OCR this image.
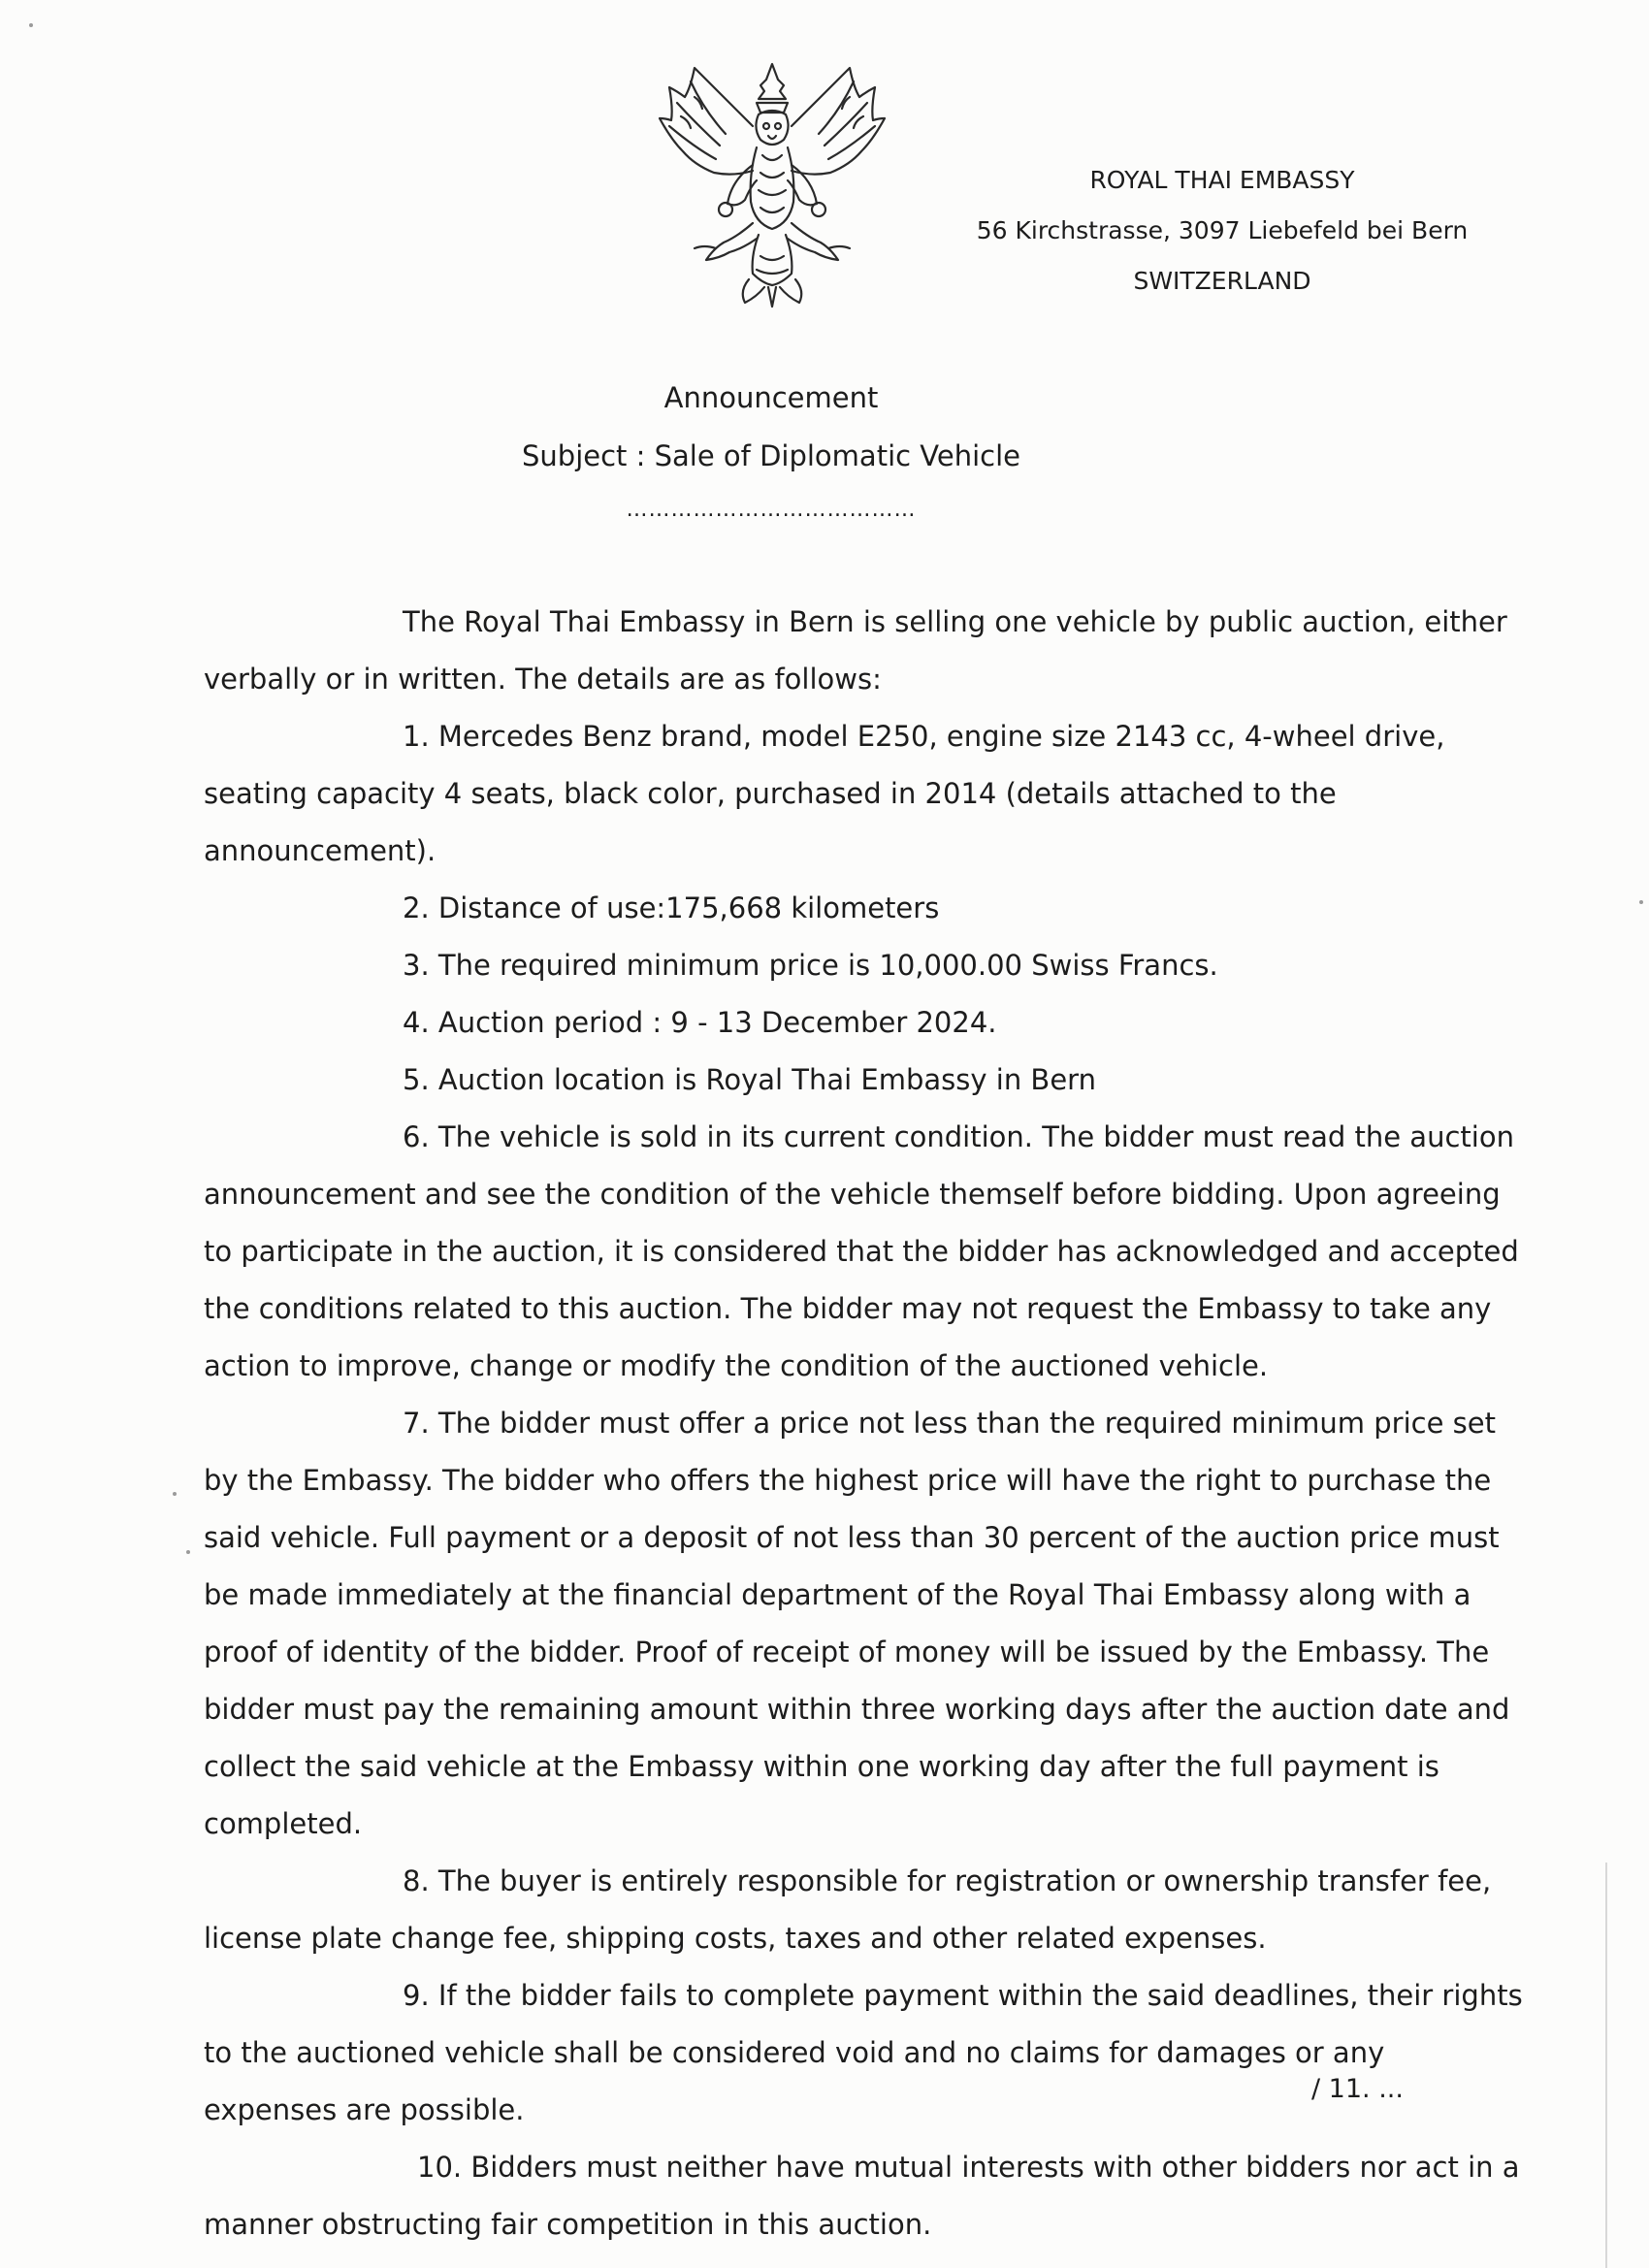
ROYAL THAI EMBASSY
56 Kirchstrasse, 3097 Liebefeld bei Bern
SWITZERLAND
Announcement
Subject : Sale of Diplomatic Vehicle
…………………………………

The Royal Thai Embassy in Bern is selling one vehicle by public auction, either verbally or in written. The details are as follows:

1. Mercedes Benz brand, model E250, engine size 2143 cc, 4-wheel drive, seating capacity 4 seats, black color, purchased in 2014 (details attached to the announcement).

2. Distance of use:175,668 kilometers

3. The required minimum price is 10,000.00 Swiss Francs.

4. Auction period : 9 - 13 December 2024.

5. Auction location is Royal Thai Embassy in Bern

6. The vehicle is sold in its current condition. The bidder must read the auction announcement and see the condition of the vehicle themself before bidding. Upon agreeing to participate in the auction, it is considered that the bidder has acknowledged and accepted the conditions related to this auction. The bidder may not request the Embassy to take any action to improve, change or modify the condition of the auctioned vehicle.

7. The bidder must offer a price not less than the required minimum price set by the Embassy. The bidder who offers the highest price will have the right to purchase the said vehicle. Full payment or a deposit of not less than 30 percent of the auction price must be made immediately at the financial department of the Royal Thai Embassy along with a proof of identity of the bidder. Proof of receipt of money will be issued by the Embassy. The bidder must pay the remaining amount within three working days after the auction date and collect the said vehicle at the Embassy within one working day after the full payment is completed.

8. The buyer is entirely responsible for registration or ownership transfer fee, license plate change fee, shipping costs, taxes and other related expenses.

9. If the bidder fails to complete payment within the said deadlines, their rights to the auctioned vehicle shall be considered void and no claims for damages or any expenses are possible.

10. Bidders must neither have mutual interests with other bidders nor act in a manner obstructing fair competition in this auction.

/ 11. ...
